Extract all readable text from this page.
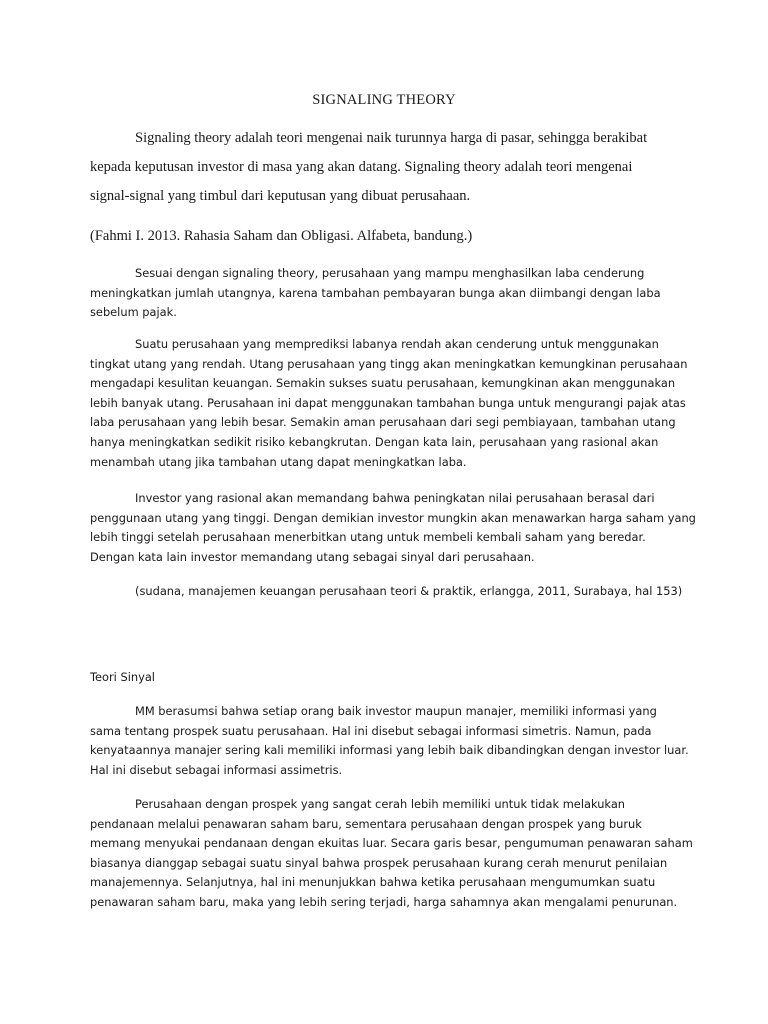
SIGNALING THEORY

Signaling theory adalah teori mengenai naik turunnya harga di pasar, sehingga berakibat
kepada keputusan investor di masa yang akan datang. Signaling theory adalah teori mengenai
signal-signal yang timbul dari keputusan yang dibuat perusahaan.

(Fahmi I. 2013. Rahasia Saham dan Obligasi. Alfabeta, bandung.)

Sesuai dengan signaling theory, perusahaan yang mampu menghasilkan laba cenderung
meningkatkan jumlah utangnya, karena tambahan pembayaran bunga akan diimbangi dengan laba
sebelum pajak.

Suatu perusahaan yang memprediksi labanya rendah akan cenderung untuk menggunakan
tingkat utang yang rendah. Utang perusahaan yang tingg akan meningkatkan kemungkinan perusahaan
mengadapi kesulitan keuangan. Semakin sukses suatu perusahaan, kemungkinan akan menggunakan
lebih banyak utang. Perusahaan ini dapat menggunakan tambahan bunga untuk mengurangi pajak atas
laba perusahaan yang lebih besar. Semakin aman perusahaan dari segi pembiayaan, tambahan utang
hanya meningkatkan sedikit risiko kebangkrutan. Dengan kata lain, perusahaan yang rasional akan
menambah utang jika tambahan utang dapat meningkatkan laba.

Investor yang rasional akan memandang bahwa peningkatan nilai perusahaan berasal dari
penggunaan utang yang tinggi. Dengan demikian investor mungkin akan menawarkan harga saham yang
lebih tinggi setelah perusahaan menerbitkan utang untuk membeli kembali saham yang beredar.
Dengan kata lain investor memandang utang sebagai sinyal dari perusahaan.

(sudana, manajemen keuangan perusahaan teori & praktik, erlangga, 2011, Surabaya, hal 153)

Teori Sinyal

MM berasumsi bahwa setiap orang baik investor maupun manajer, memiliki informasi yang
sama tentang prospek suatu perusahaan. Hal ini disebut sebagai informasi simetris. Namun, pada
kenyataannya manajer sering kali memiliki informasi yang lebih baik dibandingkan dengan investor luar.
Hal ini disebut sebagai informasi assimetris.

Perusahaan dengan prospek yang sangat cerah lebih memiliki untuk tidak melakukan
pendanaan melalui penawaran saham baru, sementara perusahaan dengan prospek yang buruk
memang menyukai pendanaan dengan ekuitas luar. Secara garis besar, pengumuman penawaran saham
biasanya dianggap sebagai suatu sinyal bahwa prospek perusahaan kurang cerah menurut penilaian
manajemennya. Selanjutnya, hal ini menunjukkan bahwa ketika perusahaan mengumumkan suatu
penawaran saham baru, maka yang lebih sering terjadi, harga sahamnya akan mengalami penurunan.
